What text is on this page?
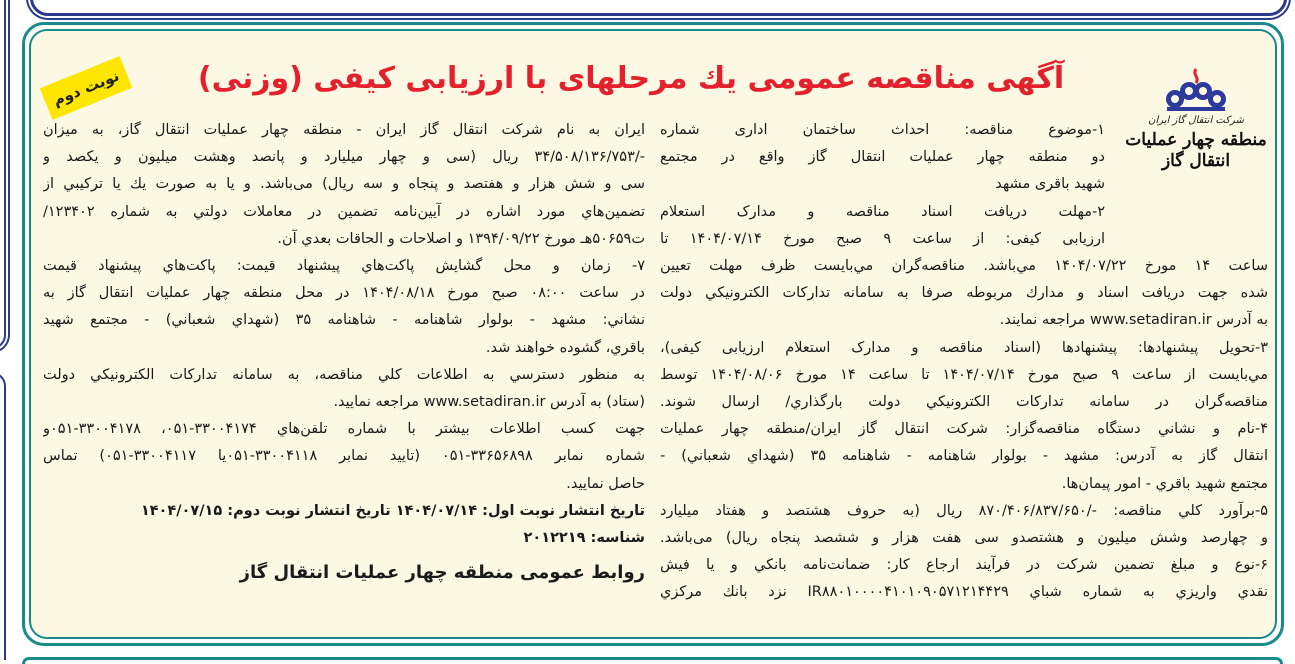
نوبت دوم	آگهی مناقصه عمومی یك مرحلهای با ارزیابی کیفی (وزنی)
شرکت انتقال گاز ایران
منطقه چهار عملیات انتقال گاز
۱-موضوع مناقصه: احداث ساختمان اداری شماره
دو منطقه چهار عملیات انتقال گاز واقع در مجتمع
شهید باقری مشهد
۲-مهلت دریافت اسناد مناقصه و مدارک استعلام
ارزیابی کیفی: از ساعت ۹ صبح مورخ ۱۴۰۴/۰۷/۱۴ تا
ساعت ۱۴ مورخ ۱۴۰۴/۰۷/۲۲ مي‌باشد. مناقصه‌گران مي‌بایست ظرف مهلت تعیین
شده جهت دریافت اسناد و مدارك مربوطه صرفا به سامانه تدارکات الکترونیکي دولت
به آدرس www.setadiran.ir مراجعه نمایند.
۳-تحویل پیشنهادها: پیشنهادها (اسناد مناقصه و مدارک استعلام ارزیابی کیفی)،
مي‌بایست از ساعت ۹ صبح مورخ ۱۴۰۴/۰۷/۱۴ تا ساعت ۱۴ مورخ ۱۴۰۴/۰۸/۰۶ توسط
مناقصه‌گران در سامانه تدارکات الکترونیکي دولت بارگذاري/ ارسال شوند.
۴-نام و نشاني دستگاه مناقصه‌گزار: شرکت انتقال گاز ایران/منطقه چهار عملیات
انتقال گاز به آدرس: مشهد - بولوار شاهنامه - شاهنامه ۳۵ (شهداي شعباني) -
مجتمع شهید باقري - امور پیمان‌ها.
۵-برآورد کلي مناقصه: -/۸۷۰/۴۰۶/۸۳۷/۶۵۰ ریال (به حروف هشتصد و هفتاد میلیارد
و چهارصد وشش میلیون و هشتصدو سی هفت هزار و ششصد پنجاه ریال) می‌باشد.
۶-نوع و مبلغ تضمین شرکت در فرآیند ارجاع کار: ضمانت‌نامه بانکي و یا فیش
نقدي واریزي به شماره شباي IR۸۸۰۱۰۰۰۰۴۱۰۱۰۹۰۵۷۱۲۱۴۴۲۹ نزد بانك مرکزي
ایران به نام شرکت انتقال گاز ایران - منطقه چهار عملیات انتقال گاز، به میزان
-/۳۴/۵۰۸/۱۳۶/۷۵۳ ریال (سی و چهار میلیارد و پانصد وهشت میلیون و یکصد و
سی و شش هزار و هفتصد و پنجاه و سه ریال) می‌باشد. و یا به صورت یك یا ترکیبي از
تضمین‌هاي مورد اشاره در آیین‌نامه تضمین در معاملات دولتي به شماره ۱۲۳۴۰۲/
ت۵۰۶۵۹هـ مورخ ۱۳۹۴/۰۹/۲۲ و اصلاحات و الحاقات بعدي آن.
۷- زمان و محل گشایش پاکت‌هاي پیشنهاد قیمت: پاکت‌هاي پیشنهاد قیمت
در ساعت ۰۸:۰۰ صبح مورخ ۱۴۰۴/۰۸/۱۸ در محل منطقه چهار عملیات انتقال گاز به
نشاني: مشهد - بولوار شاهنامه - شاهنامه ۳۵ (شهداي شعباني) - مجتمع شهید
باقري، گشوده خواهند شد.
به منظور دسترسي به اطلاعات کلي مناقصه، به سامانه تدارکات الکترونیکي دولت
(ستاد) به آدرس www.setadiran.ir مراجعه نمایید.
جهت کسب اطلاعات بیشتر با شماره تلفن‌هاي ۳۳۰۰۴۱۷۴-۰۵۱، ۳۳۰۰۴۱۷۸-۰۵۱و
شماره نمابر ۳۳۶۵۶۸۹۸-۰۵۱ (تایید نمابر ۳۳۰۰۴۱۱۸-۰۵۱یا ۳۳۰۰۴۱۱۷-۰۵۱) تماس
حاصل نمایید.
تاریخ انتشار نوبت اول: ۱۴۰۴/۰۷/۱۴ تاریخ انتشار نوبت دوم: ۱۴۰۴/۰۷/۱۵
شناسه: ۲۰۱۲۲۱۹
روابط عمومی منطقه چهار عملیات انتقال گاز
